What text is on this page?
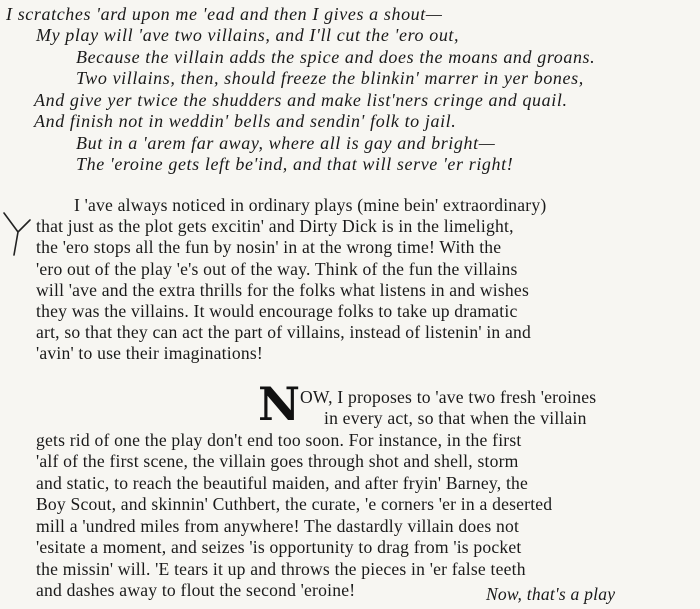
I scratches 'ard upon me 'ead and then I gives a shout—
My play will 'ave two villains, and I'll cut the 'ero out,
Because the villain adds the spice and does the moans and groans.
Two villains, then, should freeze the blinkin' marrer in yer bones,
And give yer twice the shudders and make list'ners cringe and quail.
And finish not in weddin' bells and sendin' folk to jail.
But in a 'arem far away, where all is gay and bright—
The 'eroine gets left be'ind, and that will serve 'er right!
I 'ave always noticed in ordinary plays (mine bein' extraordinary)
that just as the plot gets excitin' and Dirty Dick is in the limelight,
the 'ero stops all the fun by nosin' in at the wrong time! With the
'ero out of the play 'e's out of the way. Think of the fun the villains
will 'ave and the extra thrills for the folks what listens in and wishes
they was the villains. It would encourage folks to take up dramatic
art, so that they can act the part of villains, instead of listenin' in and
'avin' to use their imaginations!
N OW, I proposes to 'ave two fresh 'eroines
in every act, so that when the villain
gets rid of one the play don't end too soon. For instance, in the first
'alf of the first scene, the villain goes through shot and shell, storm
and static, to reach the beautiful maiden, and after fryin' Barney, the
Boy Scout, and skinnin' Cuthbert, the curate, 'e corners 'er in a deserted
mill a 'undred miles from anywhere! The dastardly villain does not
'esitate a moment, and seizes 'is opportunity to drag from 'is pocket
the missin' will. 'E tears it up and throws the pieces in 'er false teeth
and dashes away to flout the second 'eroine!	Now, that's a play
